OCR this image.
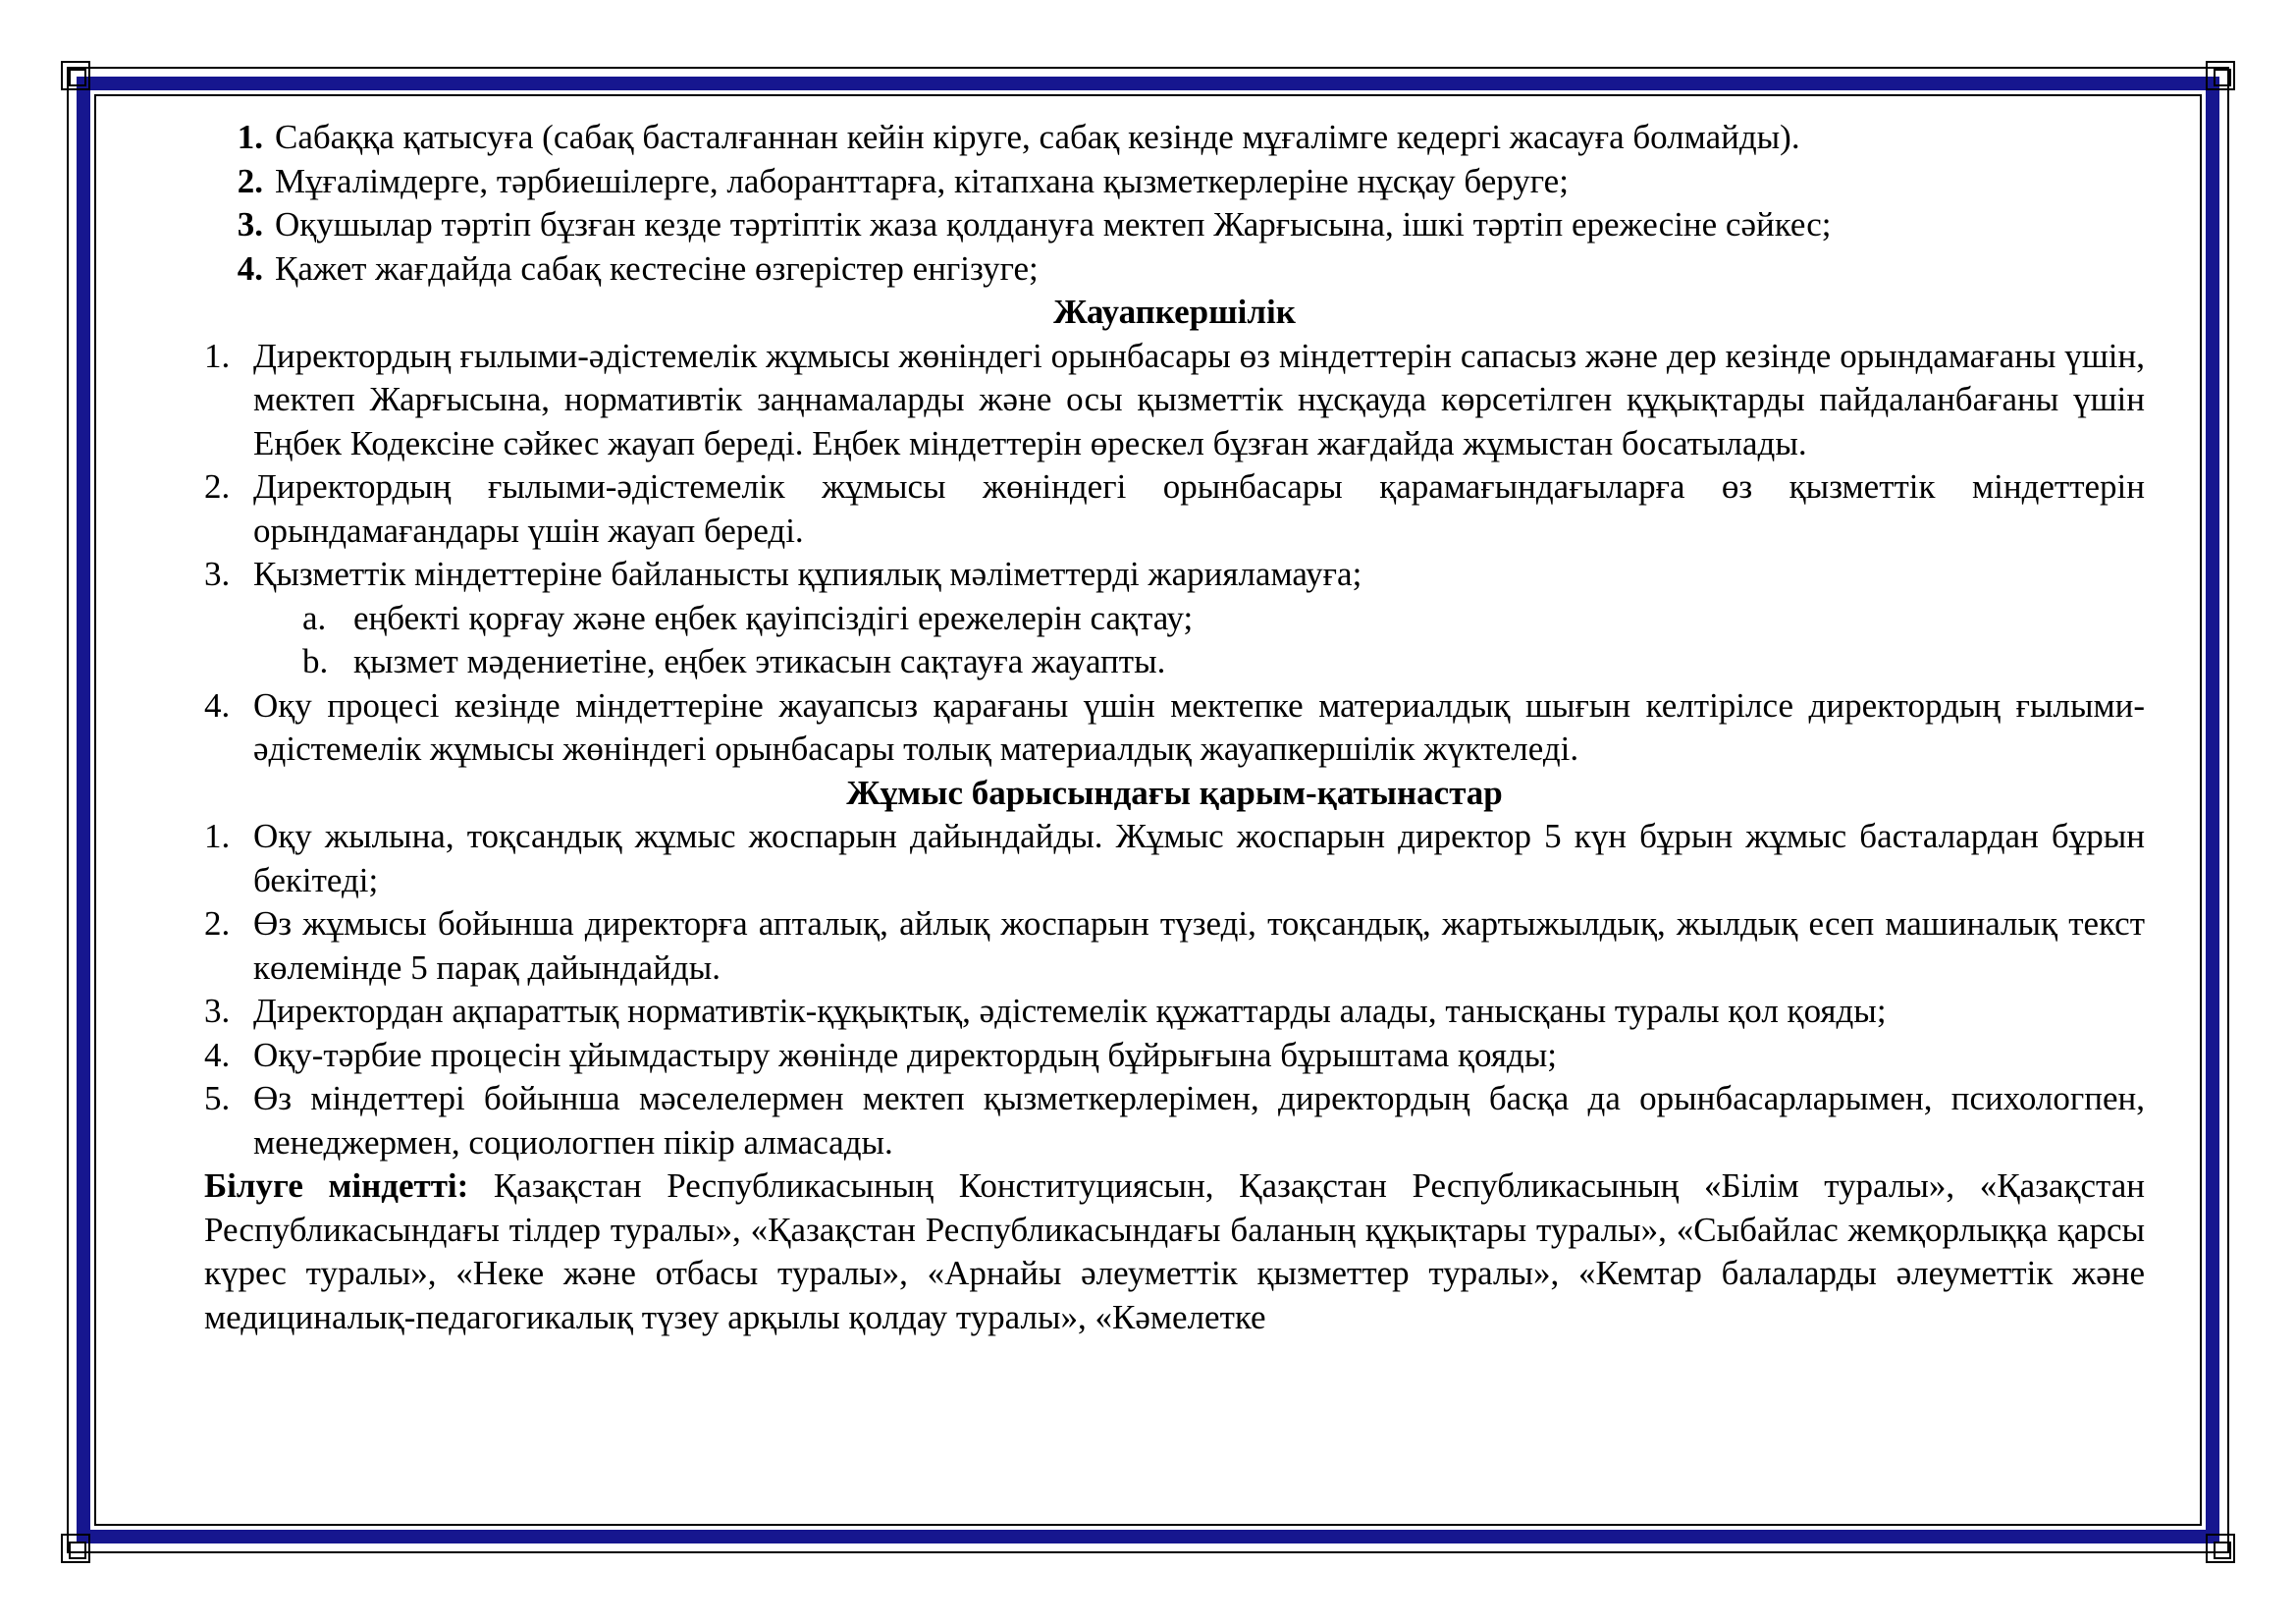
1. Сабаққа қатысуға (сабақ басталғаннан кейін кіруге, сабақ кезінде мұғалімге кедергі жасауға болмайды).
2. Мұғалімдерге, тәрбиешілерге, лаборанттарға, кітапхана қызметкерлеріне нұсқау беруге;
3. Оқушылар тәртіп бұзған кезде тәртіптік жаза қолдануға мектеп Жарғысына, ішкі тәртіп ережесіне сәйкес;
4. Қажет жағдайда сабақ кестесіне өзгерістер енгізуге;
Жауапкершілік
1. Директордың ғылыми-әдістемелік жұмысы жөніндегі орынбасары өз міндеттерін сапасыз және дер кезінде орындамағаны үшін, мектеп Жарғысына, нормативтік заңнамаларды және осы қызметтік нұсқауда көрсетілген құқықтарды пайдаланбағаны үшін Еңбек Кодексіне сәйкес жауап береді. Еңбек міндеттерін өрескел бұзған жағдайда жұмыстан босатылады.
2. Директордың ғылыми-әдістемелік жұмысы жөніндегі орынбасары қарамағындағыларға өз қызметтік міндеттерін орындамағандары үшін жауап береді.
3. Қызметтік міндеттеріне байланысты құпиялық мәліметтерді жарияламауға;
a. еңбекті қорғау және еңбек қауіпсіздігі ережелерін сақтау;
b. қызмет мәдениетіне, еңбек этикасын сақтауға жауапты.
4. Оқу процесі кезінде міндеттеріне жауапсыз қарағаны үшін мектепке материалдық шығын келтірілсе директордың ғылыми-әдістемелік жұмысы жөніндегі орынбасары толық материалдық жауапкершілік жүктеледі.
Жұмыс барысындағы қарым-қатынастар
1. Оқу жылына, тоқсандық жұмыс жоспарын дайындайды. Жұмыс жоспарын директор 5 күн бұрын жұмыс басталардан бұрын бекітеді;
2. Өз жұмысы бойынша директорға апталық, айлық жоспарын түзеді, тоқсандық, жартыжылдық, жылдық есеп машиналық текст көлемінде 5 парақ дайындайды.
3. Директордан ақпараттық нормативтік-құқықтық, әдістемелік құжаттарды алады, танысқаны туралы қол қояды;
4. Оқу-тәрбие процесін ұйымдастыру жөнінде директордың бұйрығына бұрыштама қояды;
5. Өз міндеттері бойынша мәселелермен мектеп қызметкерлерімен, директордың басқа да орынбасарларымен, психологпен, менеджермен, социологпен пікір алмасады.
Білуге міндетті: Қазақстан Республикасының Конституциясын, Қазақстан Республикасының «Білім туралы», «Қазақстан Республикасындағы тілдер туралы», «Қазақстан Республикасындағы баланың құқықтары туралы», «Сыбайлас жемқорлыққа қарсы күрес туралы», «Неке және отбасы туралы», «Арнайы әлеуметтік қызметтер туралы», «Кемтар балаларды әлеуметтік және медициналық-педагогикалық түзеу арқылы қолдау туралы», «Кәмелетке
